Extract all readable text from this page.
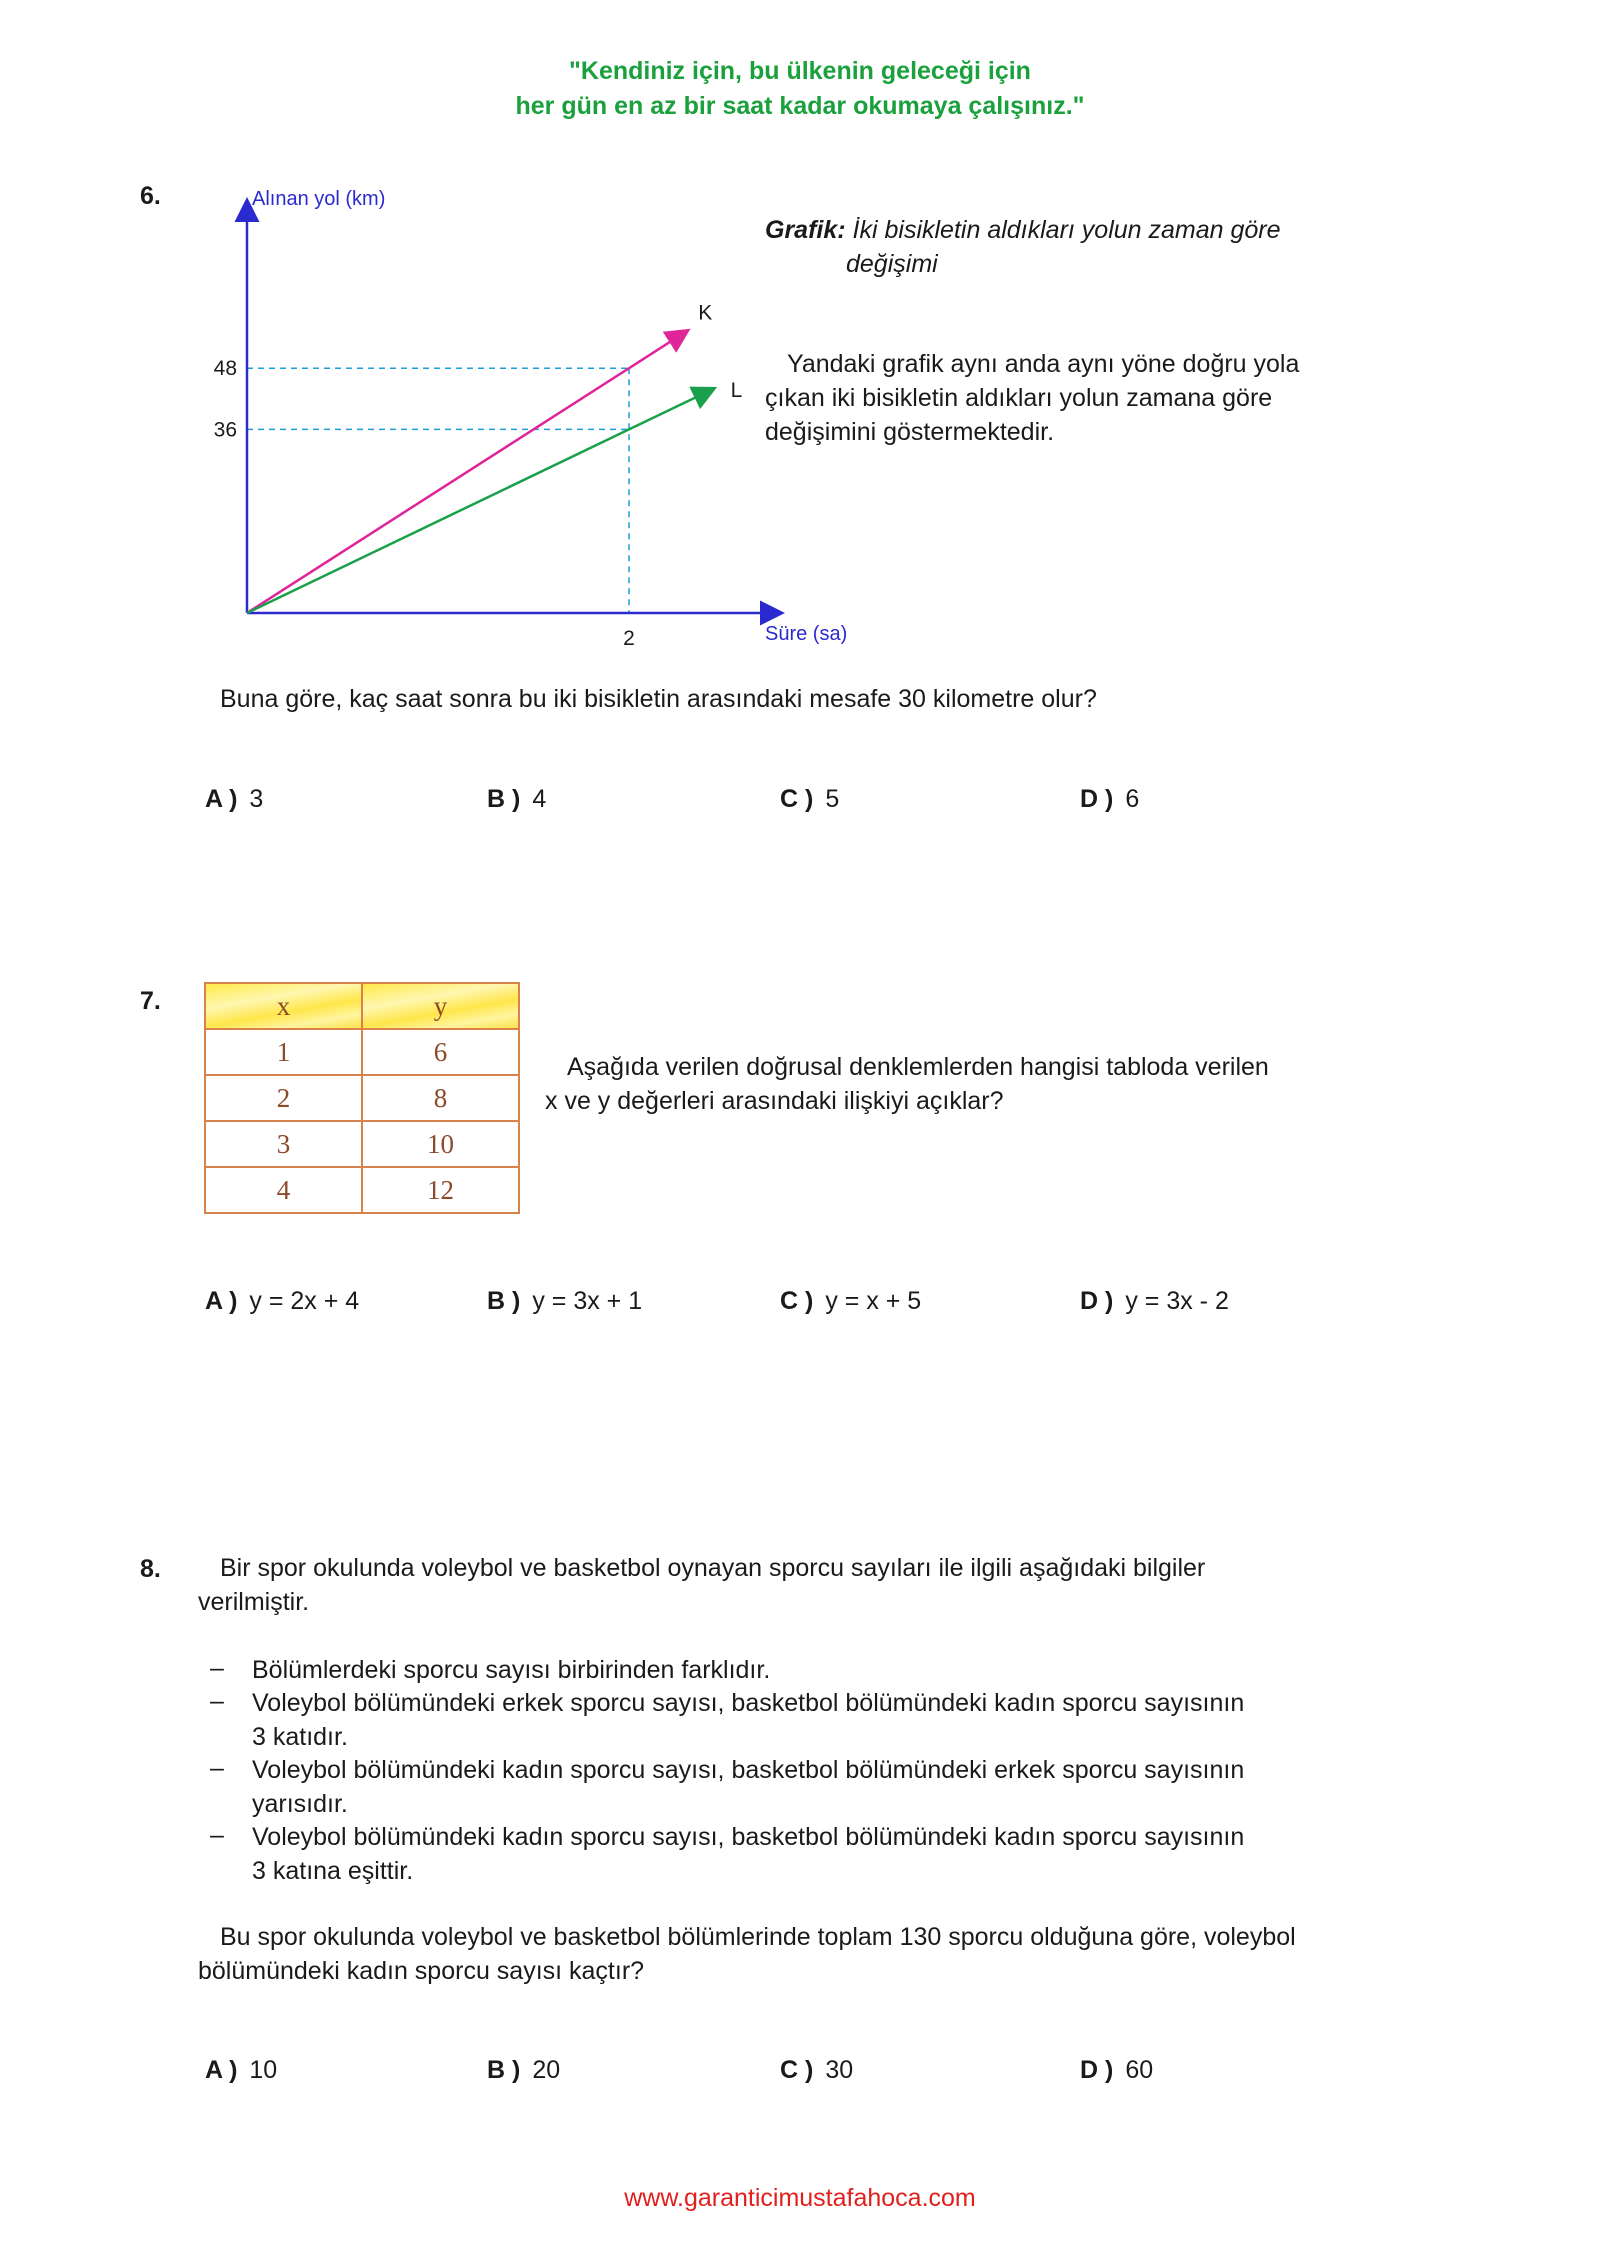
"Kendiniz için, bu ülkenin geleceği için
her gün en az bir saat kadar okumaya çalışınız."
6.	Alınan yol (km)
Süre (sa)
48
36
2
K
L
Grafik: İki bisikletin aldıkları yolun zaman göre
değişimi
Yandaki grafik aynı anda aynı yöne doğru yola
çıkan iki bisikletin aldıkları yolun zamana göre
değişimini göstermektedir.
Buna göre, kaç saat sonra bu iki bisikletin arasındaki mesafe 30 kilometre olur?
A ) 3	B ) 4	C ) 5	D ) 6
7.	x	y
1	6
2	8
3	10
4	12
Aşağıda verilen doğrusal denklemlerden hangisi tabloda verilen
x ve y değerleri arasındaki ilişkiyi açıklar?
A ) y = 2x + 4	B ) y = 3x + 1	C ) y = x + 5	D ) y = 3x - 2
8. Bir spor okulunda voleybol ve basketbol oynayan sporcu sayıları ile ilgili aşağıdaki bilgiler
verilmiştir.
– Bölümlerdeki sporcu sayısı birbirinden farklıdır.
– Voleybol bölümündeki erkek sporcu sayısı, basketbol bölümündeki kadın sporcu sayısının
3 katıdır.
– Voleybol bölümündeki kadın sporcu sayısı, basketbol bölümündeki erkek sporcu sayısının
yarısıdır.
– Voleybol bölümündeki kadın sporcu sayısı, basketbol bölümündeki kadın sporcu sayısının
3 katına eşittir.
Bu spor okulunda voleybol ve basketbol bölümlerinde toplam 130 sporcu olduğuna göre, voleybol
bölümündeki kadın sporcu sayısı kaçtır?
A ) 10	B ) 20	C ) 30	D ) 60
www.garanticimustafahoca.com
